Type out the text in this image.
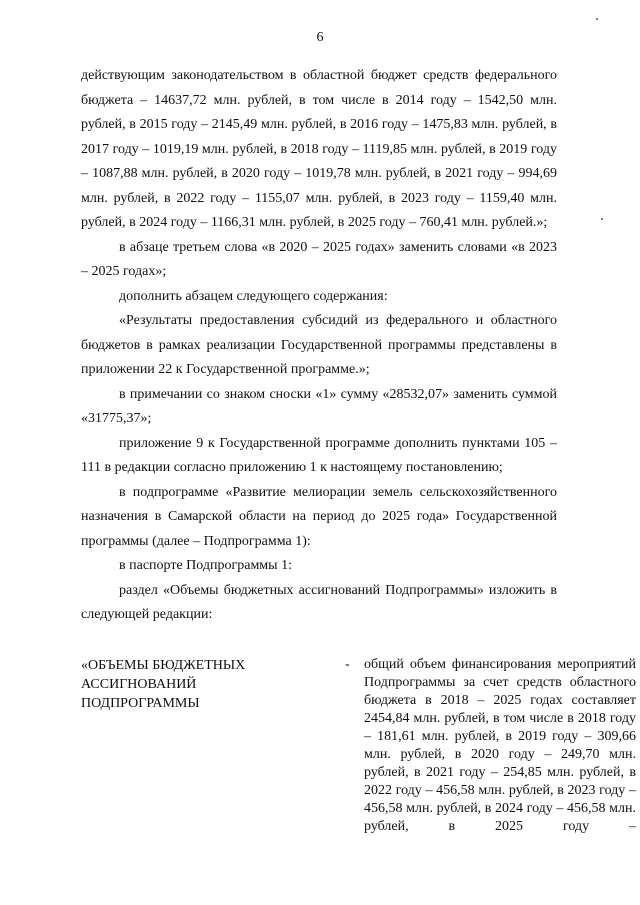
6

действующим законодательством в областной бюджет средств федерального бюджета – 14637,72 млн. рублей, в том числе в 2014 году – 1542,50 млн. рублей, в 2015 году – 2145,49 млн. рублей, в 2016 году – 1475,83 млн. рублей, в 2017 году – 1019,19 млн. рублей, в 2018 году – 1119,85 млн. рублей, в 2019 году – 1087,88 млн. рублей, в 2020 году – 1019,78 млн. рублей, в 2021 году – 994,69 млн. рублей, в 2022 году – 1155,07 млн. рублей, в 2023 году – 1159,40 млн. рублей, в 2024 году – 1166,31 млн. рублей, в 2025 году – 760,41 млн. рублей.»;

в абзаце третьем слова «в 2020 – 2025 годах» заменить словами «в 2023 – 2025 годах»;

дополнить абзацем следующего содержания:

«Результаты предоставления субсидий из федерального и областного бюджетов в рамках реализации Государственной программы представлены в приложении 22 к Государственной программе.»;

в примечании со знаком сноски «1» сумму «28532,07» заменить суммой «31775,37»;

приложение 9 к Государственной программе дополнить пунктами 105 – 111 в редакции согласно приложению 1 к настоящему постановлению;

в подпрограмме «Развитие мелиорации земель сельскохозяйственного назначения в Самарской области на период до 2025 года» Государственной программы (далее – Подпрограмма 1):

в паспорте Подпрограммы 1:

раздел «Объемы бюджетных ассигнований Подпрограммы» изложить в следующей редакции:

«ОБЪЕМЫ БЮДЖЕТНЫХ АССИГНОВАНИЙ ПОДПРОГРАММЫ
- общий объем финансирования мероприятий Подпрограммы за счет средств областного бюджета в 2018 – 2025 годах составляет 2454,84 млн. рублей, в том числе в 2018 году – 181,61 млн. рублей, в 2019 году – 309,66 млн. рублей, в 2020 году – 249,70 млн. рублей, в 2021 году – 254,85 млн. рублей, в 2022 году – 456,58 млн. рублей, в 2023 году – 456,58 млн. рублей, в 2024 году – 456,58 млн. рублей, в 2025 году –
